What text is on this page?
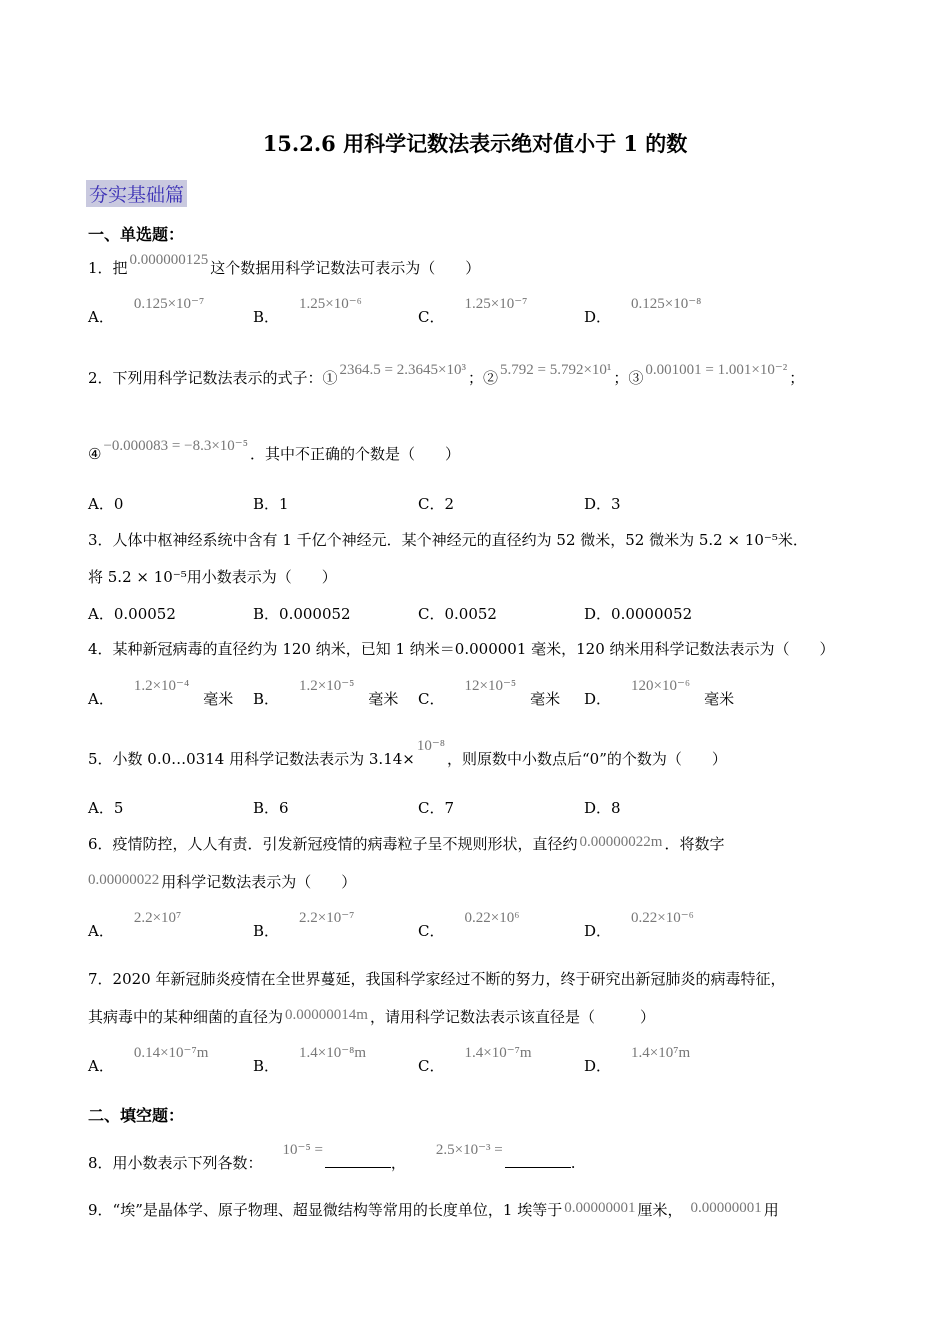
15.2.6 用科学记数法表示绝对值小于 1 的数
夯实基础篇
一、单选题：
1．把 0.000000125 这个数据用科学记数法可表示为（　　）
A．0.125×10⁻⁷
B．1.25×10⁻⁶
C．1.25×10⁻⁷
D．0.125×10⁻⁸
2．下列用科学记数法表示的式子：① 2364.5 = 2.3645×10³ ；② 5.792 = 5.792×10¹ ；③ 0.001001 = 1.001×10⁻² ；
④ −0.000083 = −8.3×10⁻⁵ ．其中不正确的个数是（　　）
A．0	B．1	C．2	D．3
3．人体中枢神经系统中含有 1 千亿个神经元．某个神经元的直径约为 52 微米，52 微米为 5.2 × 10⁻⁵米．
将 5.2 × 10⁻⁵用小数表示为（　　）
A．0.00052	B．0.000052	C．0.0052	D．0.0000052
4．某种新冠病毒的直径约为 120 纳米，已知 1 纳米＝0.000001 毫米，120 纳米用科学记数法表示为（　　）
A．1.2×10⁻⁴毫米 B．1.2×10⁻⁵毫米 C．12×10⁻⁵毫米 D．120×10⁻⁶毫米
5．小数 0.0…0314 用科学记数法表示为 3.14×10⁻⁸，则原数中小数点后“0”的个数为（　　）
A．5	B．6	C．7	D．8
6．疫情防控，人人有责．引发新冠疫情的病毒粒子呈不规则形状，直径约 0.00000022m ．将数字
0.00000022 用科学记数法表示为（　　）
A．2.2×10⁷
B．2.2×10⁻⁷
C．0.22×10⁶
D．0.22×10⁻⁶
7．2020 年新冠肺炎疫情在全世界蔓延，我国科学家经过不断的努力，终于研究出新冠肺炎的病毒特征，
其病毒中的某种细菌的直径为 0.00000014m ，请用科学记数法表示该直径是（　　　）
A．0.14×10⁻⁷m
B．1.4×10⁻⁸m
C．1.4×10⁻⁷m
D．1.4×10⁷m
二、填空题：
8．用小数表示下列各数：10⁻⁵ =，2.5×10⁻³ =.
9．“埃”是晶体学、原子物理、超显微结构等常用的长度单位，1 埃等于 0.00000001 厘米， 0.00000001 用
